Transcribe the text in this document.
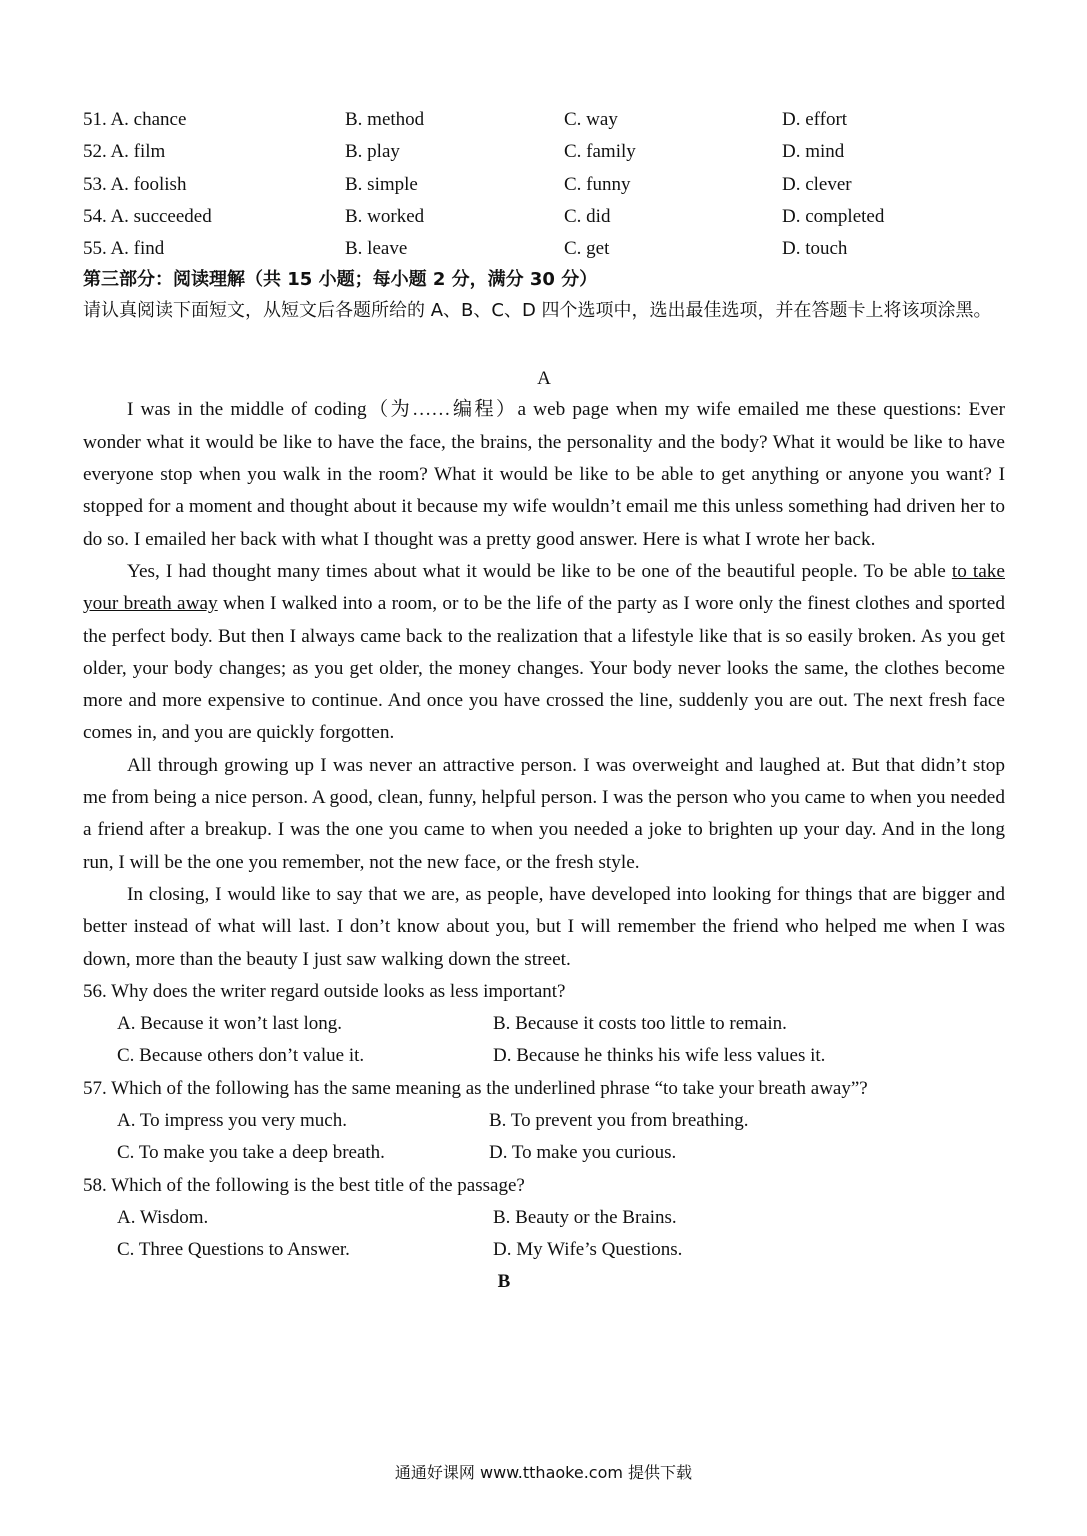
51. A. chance	B. method	C. way	D. effort
52. A. film	B. play	C. family	D. mind
53. A. foolish	B. simple	C. funny	D. clever
54. A. succeeded	B. worked	C. did	D. completed
55. A. find	B. leave	C. get	D. touch
第三部分：阅读理解（共 15 小题；每小题 2 分，满分 30 分）

请认真阅读下面短文，从短文后各题所给的 A、B、C、D 四个选项中，选出最佳选项，并在答题卡上将该项涂黑。

A

I was in the middle of coding（为……编程）a web page when my wife emailed me these questions: Ever wonder what it would be like to have the face, the brains, the personality and the body? What it would be like to have everyone stop when you walk in the room? What it would be like to be able to get anything or anyone you want? I stopped for a moment and thought about it because my wife wouldn’t email me this unless something had driven her to do so. I emailed her back with what I thought was a pretty good answer. Here is what I wrote her back.

Yes, I had thought many times about what it would be like to be one of the beautiful people. To be able to take your breath away when I walked into a room, or to be the life of the party as I wore only the finest clothes and sported the perfect body. But then I always came back to the realization that a lifestyle like that is so easily broken. As you get older, your body changes; as you get older, the money changes. Your body never looks the same, the clothes become more and more expensive to continue. And once you have crossed the line, suddenly you are out. The next fresh face comes in, and you are quickly forgotten.

All through growing up I was never an attractive person. I was overweight and laughed at. But that didn’t stop me from being a nice person. A good, clean, funny, helpful person. I was the person who you came to when you needed a friend after a breakup. I was the one you came to when you needed a joke to brighten up your day. And in the long run, I will be the one you remember, not the new face, or the fresh style.

In closing, I would like to say that we are, as people, have developed into looking for things that are bigger and better instead of what will last. I don’t know about you, but I will remember the friend who helped me when I was down, more than the beauty I just saw walking down the street.

56. Why does the writer regard outside looks as less important?

A. Because it won’t last long.	B. Because it costs too little to remain.
C. Because others don’t value it.	D. Because he thinks his wife less values it.

57. Which of the following has the same meaning as the underlined phrase “to take your breath away”?

A. To impress you very much.	B. To prevent you from breathing.
C. To make you take a deep breath.	D. To make you curious.

58. Which of the following is the best title of the passage?

A. Wisdom.	B. Beauty or the Brains.
C. Three Questions to Answer.	D. My Wife’s Questions.
B
通通好课网 www.tthaoke.com 提供下载
